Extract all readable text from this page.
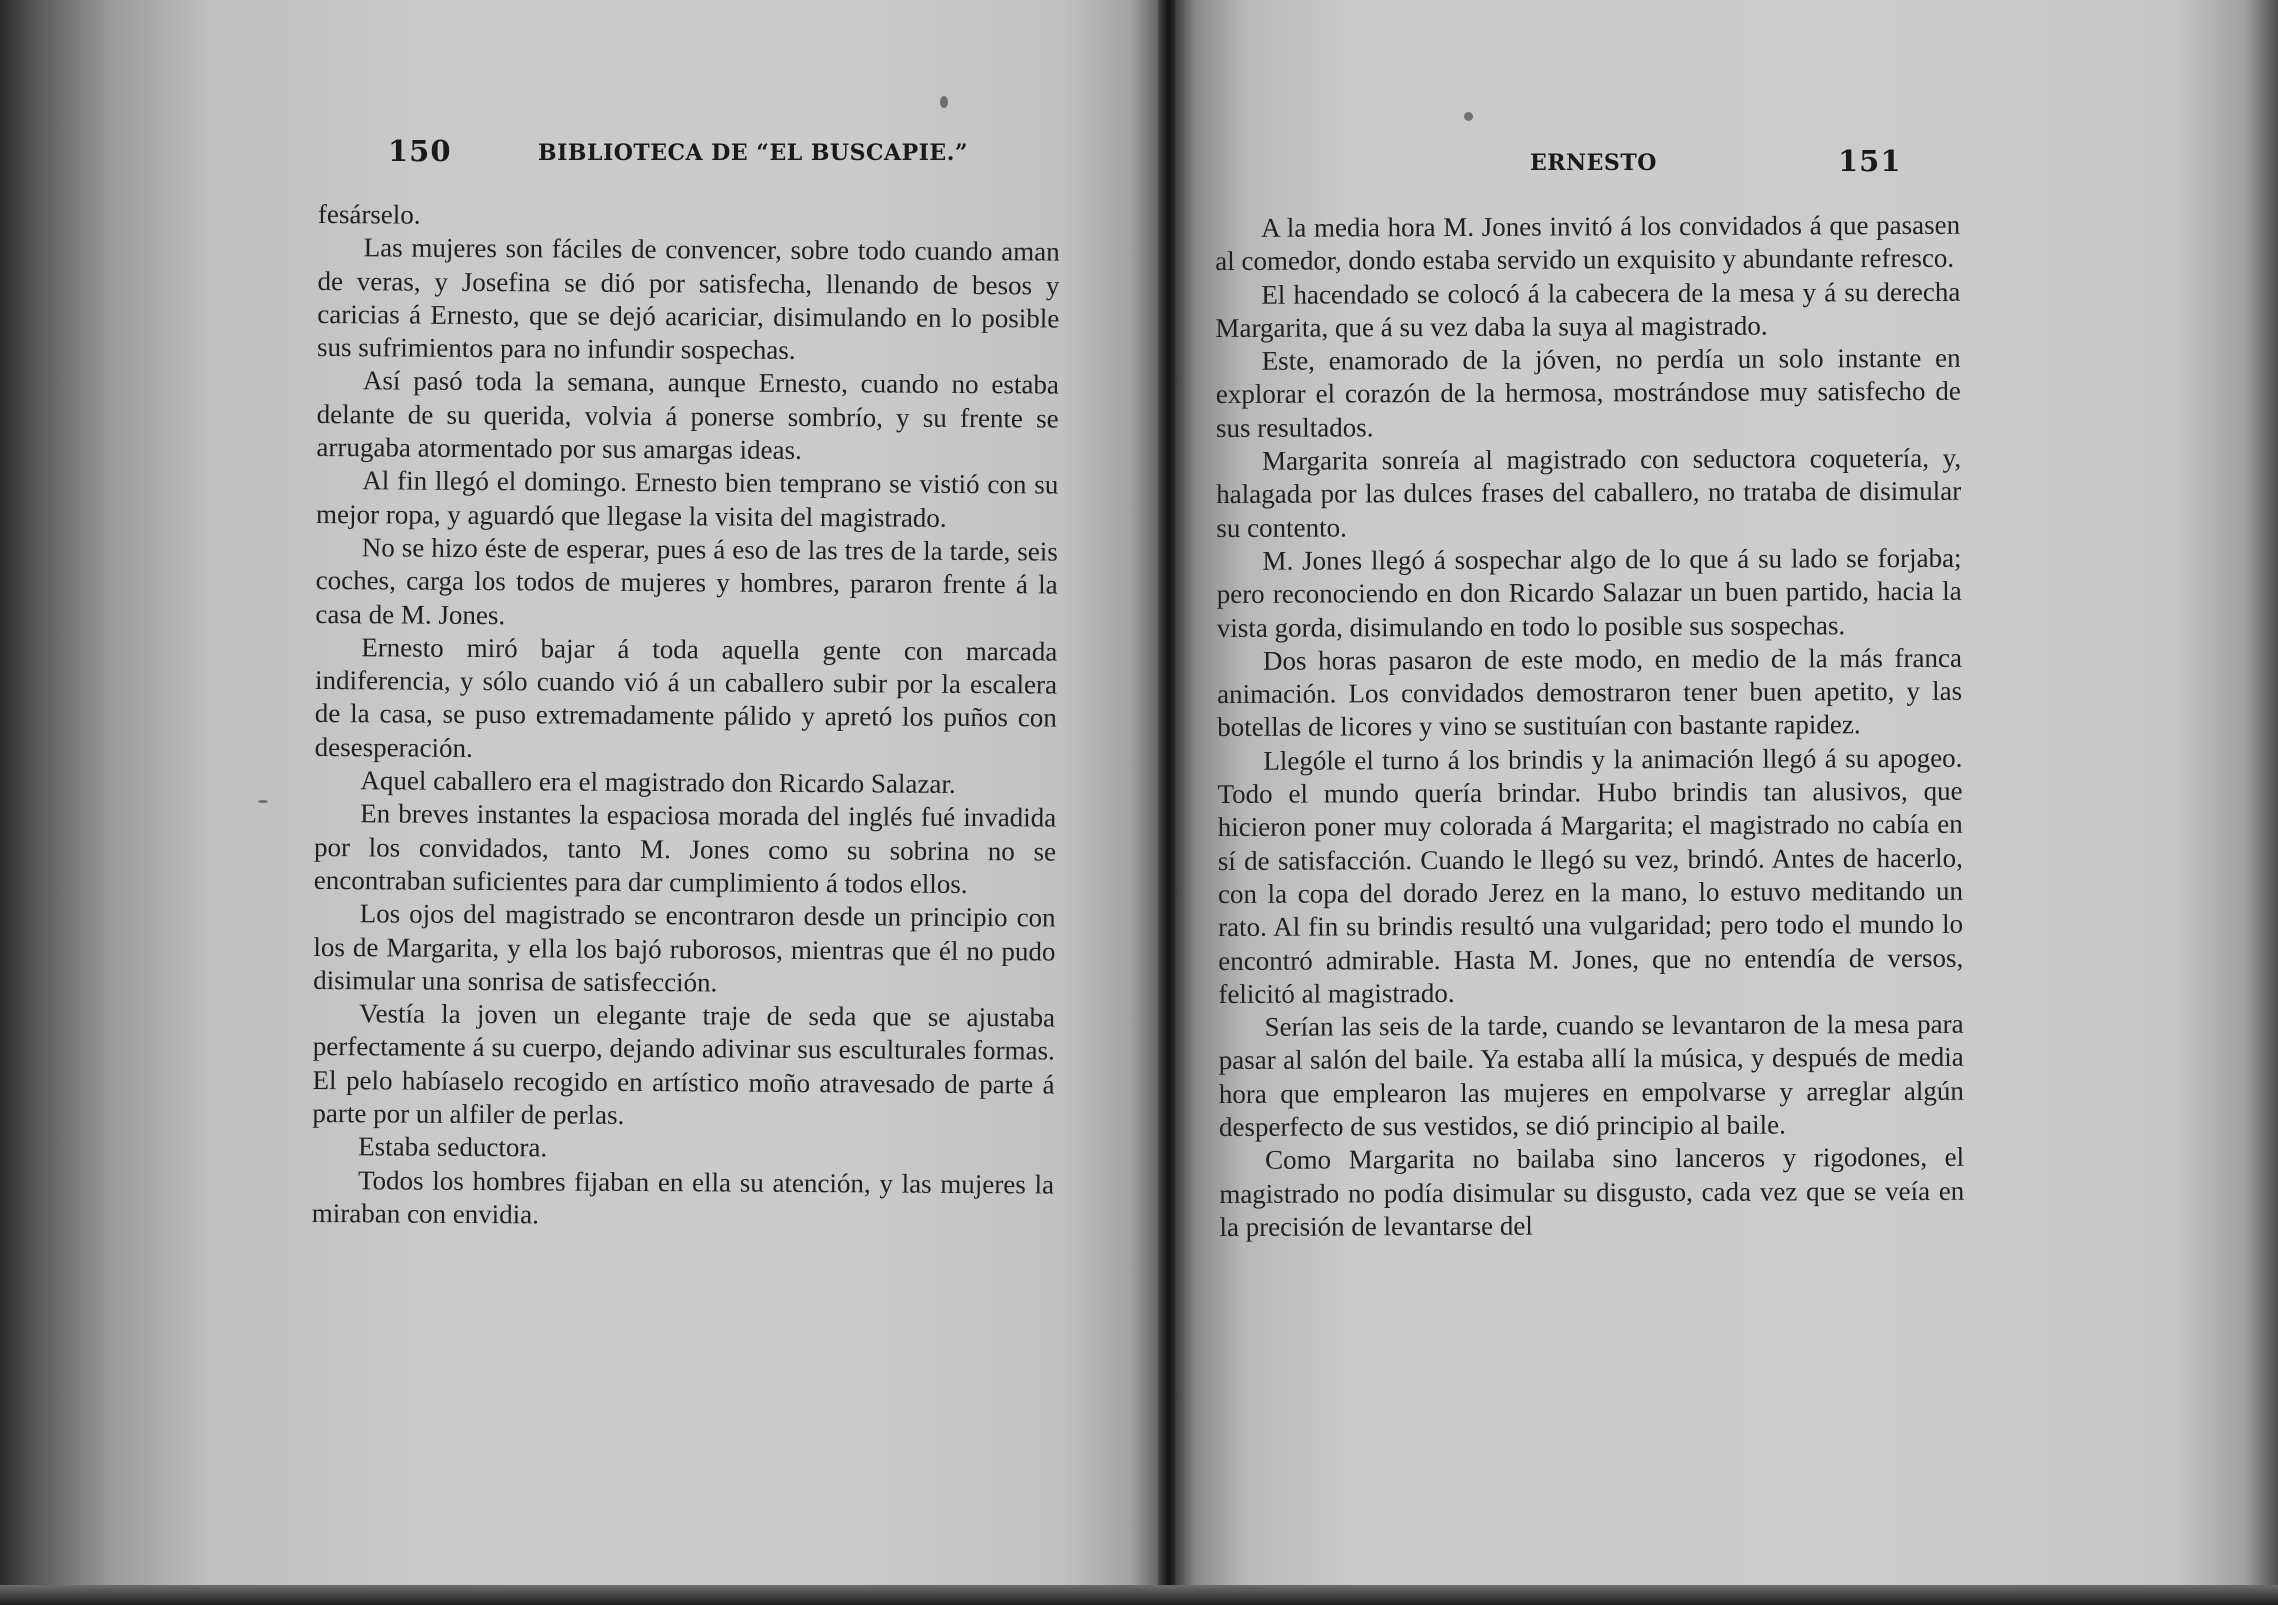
150	BIBLIOTECA DE “EL BUSCAPIE.”

fesárselo.

Las mujeres son fáciles de convencer, sobre todo cuando aman de veras, y Josefina se dió por satisfecha, llenando de besos y caricias á Ernesto, que se dejó acariciar, disimulando en lo posible sus sufrimientos para no infundir sospechas.

Así pasó toda la semana, aunque Ernesto, cuando no estaba delante de su querida, volvia á ponerse sombrío, y su frente se arrugaba atormentado por sus amargas ideas.

Al fin llegó el domingo. Ernesto bien temprano se vistió con su mejor ropa, y aguardó que llegase la visita del magistrado.

No se hizo éste de esperar, pues á eso de las tres de la tarde, seis coches, carga los todos de mujeres y hombres, pararon frente á la casa de M. Jones.

Ernesto miró bajar á toda aquella gente con marcada indiferencia, y sólo cuando vió á un caballero subir por la escalera de la casa, se puso extremadamente pálido y apretó los puños con desesperación.

Aquel caballero era el magistrado don Ricardo Salazar.

En breves instantes la espaciosa morada del inglés fué invadida por los convidados, tanto M. Jones como su sobrina no se encontraban suficientes para dar cumplimiento á todos ellos.

Los ojos del magistrado se encontraron desde un principio con los de Margarita, y ella los bajó ruborosos, mientras que él no pudo disimular una sonrisa de satisfección.

Vestía la joven un elegante traje de seda que se ajustaba perfectamente á su cuerpo, dejando adivinar sus esculturales formas. El pelo habíaselo recogido en artístico moño atravesado de parte á parte por un alfiler de perlas.

Estaba seductora.

Todos los hombres fijaban en ella su atención, y las mujeres la miraban con envidia.

ERNESTO	151

A la media hora M. Jones invitó á los convidados á que pasasen al comedor, dondo estaba servido un exquisito y abundante refresco.

El hacendado se colocó á la cabecera de la mesa y á su derecha Margarita, que á su vez daba la suya al magistrado.

Este, enamorado de la jóven, no perdía un solo instante en explorar el corazón de la hermosa, mostrándose muy satisfecho de sus resultados.

Margarita sonreía al magistrado con seductora coquetería, y, halagada por las dulces frases del caballero, no trataba de disimular su contento.

M. Jones llegó á sospechar algo de lo que á su lado se forjaba; pero reconociendo en don Ricardo Salazar un buen partido, hacia la vista gorda, disimulando en todo lo posible sus sospechas.

Dos horas pasaron de este modo, en medio de la más franca animación. Los convidados demostraron tener buen apetito, y las botellas de licores y vino se sustituían con bastante rapidez.

Llególe el turno á los brindis y la animación llegó á su apogeo. Todo el mundo quería brindar. Hubo brindis tan alusivos, que hicieron poner muy colorada á Margarita; el magistrado no cabía en sí de satisfacción. Cuando le llegó su vez, brindó. Antes de hacerlo, con la copa del dorado Jerez en la mano, lo estuvo meditando un rato. Al fin su brindis resultó una vulgaridad; pero todo el mundo lo encontró admirable. Hasta M. Jones, que no entendía de versos, felicitó al magistrado.

Serían las seis de la tarde, cuando se levantaron de la mesa para pasar al salón del baile. Ya estaba allí la música, y después de media hora que emplearon las mujeres en empolvarse y arreglar algún desperfecto de sus vestidos, se dió principio al baile.

Como Margarita no bailaba sino lanceros y rigodones, el magistrado no podía disimular su disgusto, cada vez que se veía en la precisión de levantarse del
